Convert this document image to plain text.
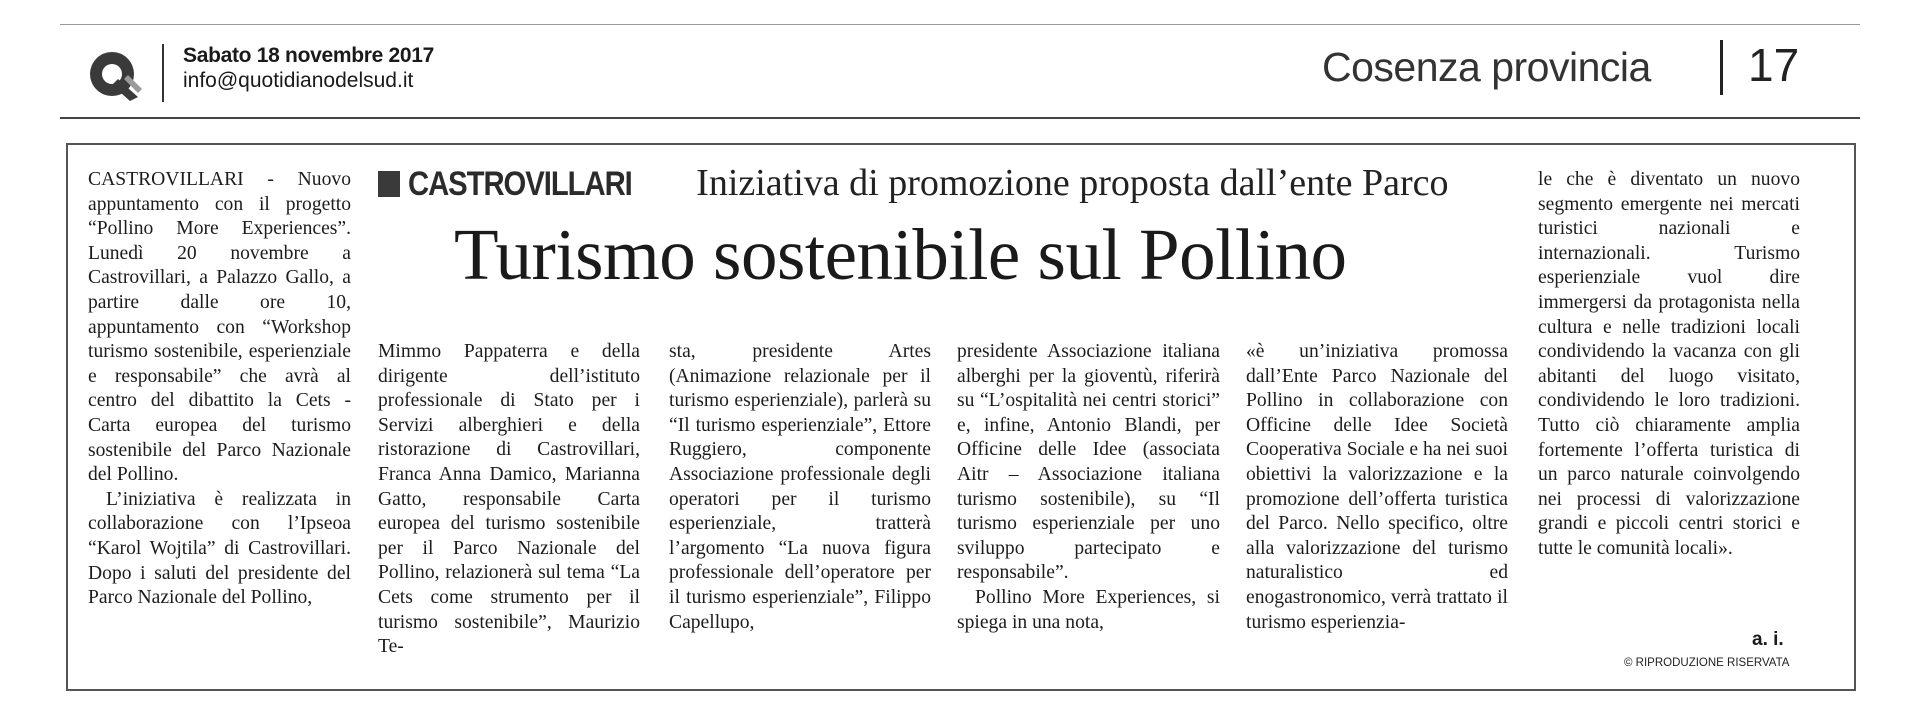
Sabato 18 novembre 2017
info@quotidianodelsud.it	Cosenza provincia 17
CASTROVILLARI Iniziativa di promozione proposta dall’ente Parco
Turismo sostenibile sul Pollino

CASTROVILLARI - Nuovo appuntamento con il progetto “Pollino More Experiences”. Lunedì 20 novembre a Castrovillari, a Palazzo Gallo, a partire dalle ore 10, appuntamento con “Workshop turismo sostenibile, esperienziale e responsabile” che avrà al centro del dibattito la Cets - Carta europea del turismo sostenibile del Parco Nazionale del Pollino.

L’iniziativa è realizzata in collaborazione con l’Ipseoa “Karol Wojtila” di Castrovillari. Dopo i saluti del presidente del Parco Nazionale del Pollino,

Mimmo Pappaterra e della dirigente dell’istituto professionale di Stato per i Servizi alberghieri e della ristorazione di Castrovillari, Franca Anna Damico, Marianna Gatto, responsabile Carta europea del turismo sostenibile per il Parco Nazionale del Pollino, relazionerà sul tema “La Cets come strumento per il turismo sostenibile”, Maurizio Te-

sta, presidente Artes (Animazione relazionale per il turismo esperienziale), parlerà su “Il turismo esperienziale”, Ettore Ruggiero, componente Associazione professionale degli operatori per il turismo esperienziale, tratterà l’argomento “La nuova figura professionale dell’operatore per il turismo esperienziale”, Filippo Capellupo,

presidente Associazione italiana alberghi per la gioventù, riferirà su “L’ospitalità nei centri storici” e, infine, Antonio Blandi, per Officine delle Idee (associata Aitr – Associazione italiana turismo sostenibile), su “Il turismo esperienziale per uno sviluppo partecipato e responsabile”.

Pollino More Experiences, si spiega in una nota,

«è un’iniziativa promossa dall’Ente Parco Nazionale del Pollino in collaborazione con Officine delle Idee Società Cooperativa Sociale e ha nei suoi obiettivi la valorizzazione e la promozione dell’offerta turistica del Parco. Nello specifico, oltre alla valorizzazione del turismo naturalistico ed enogastronomico, verrà trattato il turismo esperienzia-

le che è diventato un nuovo segmento emergente nei mercati turistici nazionali e internazionali. Turismo esperienziale vuol dire immergersi da protagonista nella cultura e nelle tradizioni locali condividendo la vacanza con gli abitanti del luogo visitato, condividendo le loro tradizioni. Tutto ciò chiaramente amplia fortemente l’offerta turistica di un parco naturale coinvolgendo nei processi di valorizzazione grandi e piccoli centri storici e tutte le comunità locali».

a. i.
© RIPRODUZIONE RISERVATA
